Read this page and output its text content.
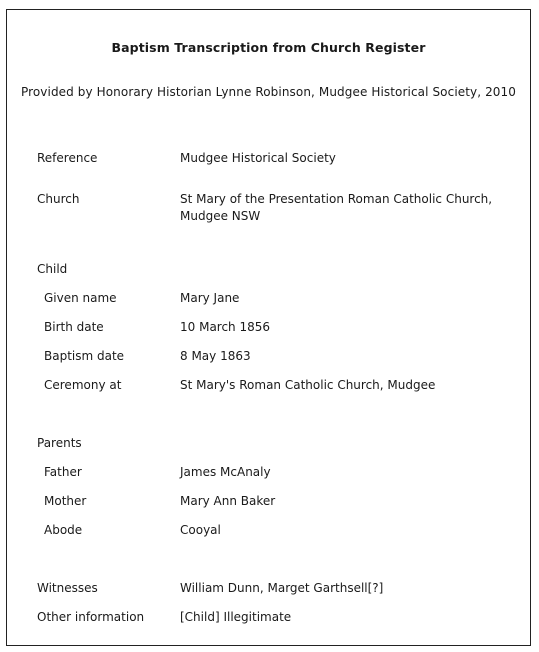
Baptism Transcription from Church Register
Provided by Honorary Historian Lynne Robinson, Mudgee Historical Society, 2010
Reference	Mudgee Historical Society
Church	St Mary of the Presentation Roman Catholic Church,
Mudgee NSW
Child
Given name	Mary Jane
Birth date	10 March 1856
Baptism date	8 May 1863
Ceremony at	St Mary's Roman Catholic Church, Mudgee
Parents
Father	James McAnaly
Mother	Mary Ann Baker
Abode	Cooyal
Witnesses	William Dunn, Marget Garthsell[?]
Other information	[Child] Illegitimate
